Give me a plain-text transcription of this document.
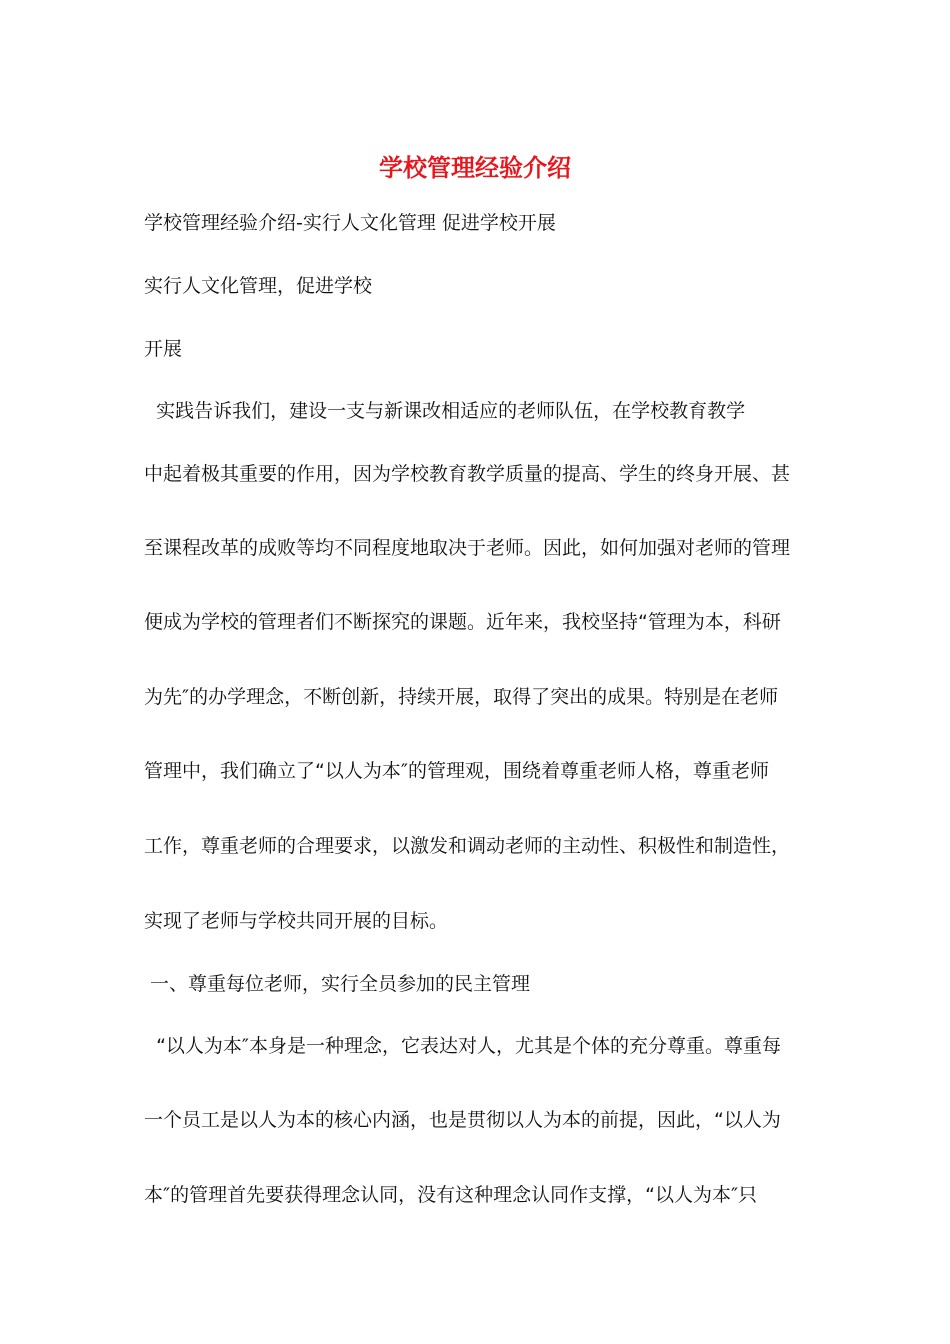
学校管理经验介绍
学校管理经验介绍-实行人文化管理 促进学校开展
实行人文化管理，促进学校
开展
实践告诉我们，建设一支与新课改相适应的老师队伍，在学校教育教学
中起着极其重要的作用，因为学校教育教学质量的提高、学生的终身开展、甚
至课程改革的成败等均不同程度地取决于老师。因此，如何加强对老师的管理
便成为学校的管理者们不断探究的课题。近年来，我校坚持“管理为本，科研
为先″的办学理念，不断创新，持续开展，取得了突出的成果。特别是在老师
管理中，我们确立了“以人为本″的管理观，围绕着尊重老师人格，尊重老师
工作，尊重老师的合理要求，以激发和调动老师的主动性、积极性和制造性，
实现了老师与学校共同开展的目标。
一、尊重每位老师，实行全员参加的民主管理
“以人为本″本身是一种理念，它表达对人，尤其是个体的充分尊重。尊重每
一个员工是以人为本的核心内涵，也是贯彻以人为本的前提，因此，“以人为
本″的管理首先要获得理念认同，没有这种理念认同作支撑，“以人为本″只
